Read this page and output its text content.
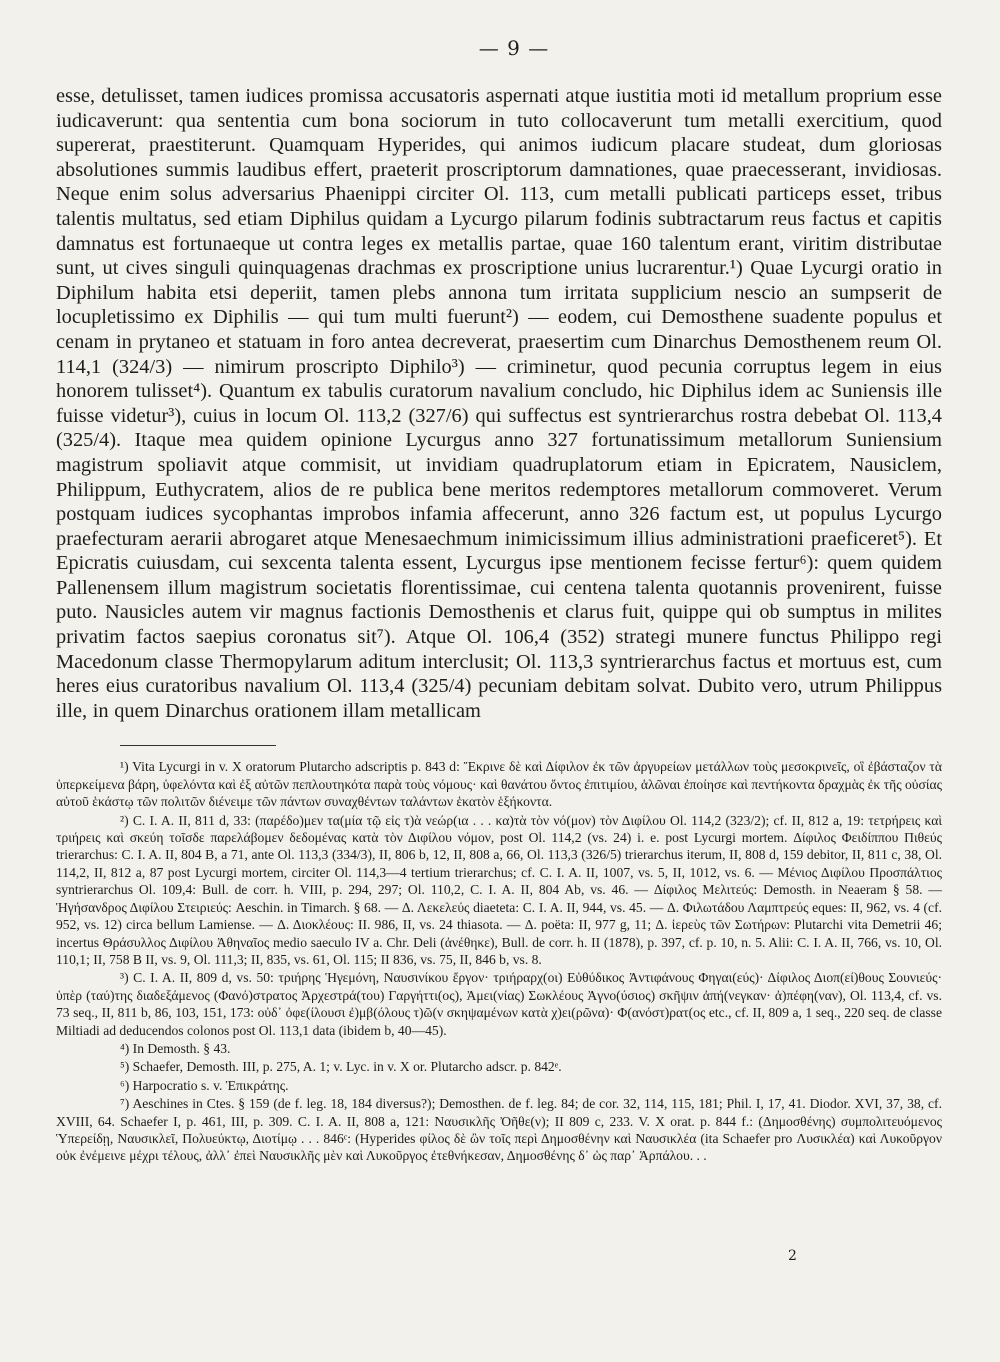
— 9 —

esse, detulisset, tamen iudices promissa accusatoris aspernati atque iustitia moti id metallum proprium esse iudicaverunt: qua sententia cum bona sociorum in tuto collocaverunt tum metalli exercitium, quod supererat, praestiterunt. Quamquam Hyperides, qui animos iudicum placare studeat, dum gloriosas absolutiones summis laudibus effert, praeterit proscriptorum damnationes, quae praecesserant, invidiosas. Neque enim solus adversarius Phaenippi circiter Ol. 113, cum metalli publicati particeps esset, tribus talentis multatus, sed etiam Diphilus quidam a Lycurgo pilarum fodinis subtractarum reus factus et capitis damnatus est fortunaeque ut contra leges ex metallis partae, quae 160 talentum erant, viritim distributae sunt, ut cives singuli quinquagenas drachmas ex proscriptione unius lucrarentur.¹) Quae Lycurgi oratio in Diphilum habita etsi deperiit, tamen plebs annona tum irritata supplicium nescio an sumpserit de locupletissimo ex Diphilis — qui tum multi fuerunt²) — eodem, cui Demosthene suadente populus et cenam in prytaneo et statuam in foro antea decreverat, praesertim cum Dinarchus Demosthenem reum Ol. 114,1 (324/3) — nimirum proscripto Diphilo³) — criminetur, quod pecunia corruptus legem in eius honorem tulisset⁴). Quantum ex tabulis curatorum navalium concludo, hic Diphilus idem ac Suniensis ille fuisse videtur³), cuius in locum Ol. 113,2 (327/6) qui suffectus est syntrierarchus rostra debebat Ol. 113,4 (325/4). Itaque mea quidem opinione Lycurgus anno 327 fortunatissimum metallorum Suniensium magistrum spoliavit atque commisit, ut invidiam quadruplatorum etiam in Epicratem, Nausiclem, Philippum, Euthycratem, alios de re publica bene meritos redemptores metallorum commoveret. Verum postquam iudices sycophantas improbos infamia affecerunt, anno 326 factum est, ut populus Lycurgo praefecturam aerarii abrogaret atque Menesaechmum inimicissimum illius administrationi praeficeret⁵). Et Epicratis cuiusdam, cui sexcenta talenta essent, Lycurgus ipse mentionem fecisse fertur⁶): quem quidem Pallenensem illum magistrum societatis florentissimae, cui centena talenta quotannis provenirent, fuisse puto. Nausicles autem vir magnus factionis Demosthenis et clarus fuit, quippe qui ob sumptus in milites privatim factos saepius coronatus sit⁷). Atque Ol. 106,4 (352) strategi munere functus Philippo regi Macedonum classe Thermopylarum aditum interclusit; Ol. 113,3 syntrierarchus factus et mortuus est, cum heres eius curatoribus navalium Ol. 113,4 (325/4) pecuniam debitam solvat. Dubito vero, utrum Philippus ille, in quem Dinarchus orationem illam metallicam

¹) Vita Lycurgi in v. X oratorum Plutarcho adscriptis p. 843 d: Ἔκρινε δὲ καὶ Δίφιλον ἐκ τῶν ἀργυρείων μετάλλων τοὺς μεσοκρινεῖς, οἳ ἐβάσταζον τὰ ὑπερκείμενα βάρη, ὑφελόντα καὶ ἐξ αὐτῶν πεπλουτηκότα παρὰ τοὺς νόμους· καὶ θανάτου ὄντος ἐπιτιμίου, ἁλῶναι ἐποίησε καὶ πεντήκοντα δραχμὰς ἐκ τῆς οὐσίας αὐτοῦ ἑκάστῳ τῶν πολιτῶν διένειμε τῶν πάντων συναχθέντων ταλάντων ἑκατὸν ἑξήκοντα.

²) C. I. A. II, 811 d, 33: (παρέδο)μεν τα(μία τῷ εἰς τ)ὰ νεώρ(ια . . . κα)τὰ τὸν νό(μον) τὸν Διφίλου Ol. 114,2 (323/2); cf. II, 812 a, 19: τετρήρεις καὶ τριήρεις καὶ σκεύη τοῖσδε παρελάβομεν δεδομένας κατὰ τὸν Διφίλου νόμον, post Ol. 114,2 (vs. 24) i. e. post Lycurgi mortem. Δίφιλος Φειδίππου Πιθεύς trierarchus: C. I. A. II, 804 B, a 71, ante Ol. 113,3 (334/3), II, 806 b, 12, II, 808 a, 66, Ol. 113,3 (326/5) trierarchus iterum, II, 808 d, 159 debitor, II, 811 c, 38, Ol. 114,2, II, 812 a, 87 post Lycurgi mortem, circiter Ol. 114,3—4 tertium trierarchus; cf. C. I. A. II, 1007, vs. 5, II, 1012, vs. 6. — Μένιος Διφίλου Προσπάλτιος syntrierarchus Ol. 109,4: Bull. de corr. h. VIII, p. 294, 297; Ol. 110,2, C. I. A. II, 804 Ab, vs. 46. — Δίφιλος Μελιτεύς: Demosth. in Neaeram § 58. — Ἡγήσανδρος Διφίλου Στειριεύς: Aeschin. in Timarch. § 68. — Δ. Λεκελεύς diaeteta: C. I. A. II, 944, vs. 45. — Δ. Φιλωτάδου Λαμπτρεύς eques: II, 962, vs. 4 (cf. 952, vs. 12) circa bellum Lamiense. — Δ. Διοκλέους: II. 986, II, vs. 24 thiasota. — Δ. poëta: II, 977 g, 11; Δ. ἱερεὺς τῶν Σωτήρων: Plutarchi vita Demetrii 46; incertus Θράσυλλος Διφίλου Ἀθηναῖος medio saeculo IV a. Chr. Deli (ἀνέθηκε), Bull. de corr. h. II (1878), p. 397, cf. p. 10, n. 5. Alii: C. I. A. II, 766, vs. 10, Ol. 110,1; II, 758 B II, vs. 9, Ol. 111,3; II, 835, vs. 61, Ol. 115; II 836, vs. 75, II, 846 b, vs. 8.

³) C. I. A. II, 809 d, vs. 50: τριήρης Ἡγεμόνη, Ναυσινίκου ἔργον· τριήραρχ(οι) Εὐθύδικος Ἀντιφάνους Φηγαι(εύς)· Δίφιλος Διοπ(εί)θους Σουνιεύς· ὑπὲρ (ταύ)της διαδεξάμενος (Φανό)στρατος Ἀρχεστρά(του) Γαργήττι(ος), Ἀμει(νίας) Σωκλέους Ἀγνο(ύσιος) σκῆψιν ἀπή(νεγκαν· ἀ)πέφη(ναν), Ol. 113,4, cf. vs. 73 seq., II, 811 b, 86, 103, 151, 173: οὐδ᾽ ὀφε(ίλουσι ἐ)μβ(όλους τ)ῶ(ν σκηψαμένων κατὰ χ)ει(ρῶνα)· Φ(ανόστ)ρατ(ος etc., cf. II, 809 a, 1 seq., 220 seq. de classe Miltiadi ad deducendos colonos post Ol. 113,1 data (ibidem b, 40—45).

⁴) In Demosth. § 43.

⁵) Schaefer, Demosth. III, p. 275, A. 1; v. Lyc. in v. X or. Plutarcho adscr. p. 842ᵉ.

⁶) Harpocratio s. v. Ἐπικράτης.

⁷) Aeschines in Ctes. § 159 (de f. leg. 18, 184 diversus?); Demosthen. de f. leg. 84; de cor. 32, 114, 115, 181; Phil. I, 17, 41. Diodor. XVI, 37, 38, cf. XVIII, 64. Schaefer I, p. 461, III, p. 309. C. I. A. II, 808 a, 121: Ναυσικλῆς Ὀῆθε(ν); II 809 c, 233. V. X orat. p. 844 f.: (Δημοσθένης) συμπολιτευόμενος Ὑπερείδῃ, Ναυσικλεῖ, Πολυεύκτῳ, Διοτίμῳ . . . 846ᶜ: (Hyperides φίλος δὲ ὢν τοῖς περὶ Δημοσθένην καὶ Ναυσικλέα (ita Schaefer pro Λυσικλέα) καὶ Λυκοῦργον οὐκ ἐνέμεινε μέχρι τέλους, ἀλλ᾽ ἐπεὶ Ναυσικλῆς μὲν καὶ Λυκοῦργος ἐτεθνήκεσαν, Δημοσθένης δ᾽ ὡς παρ᾽ Ἁρπάλου. . .

2
